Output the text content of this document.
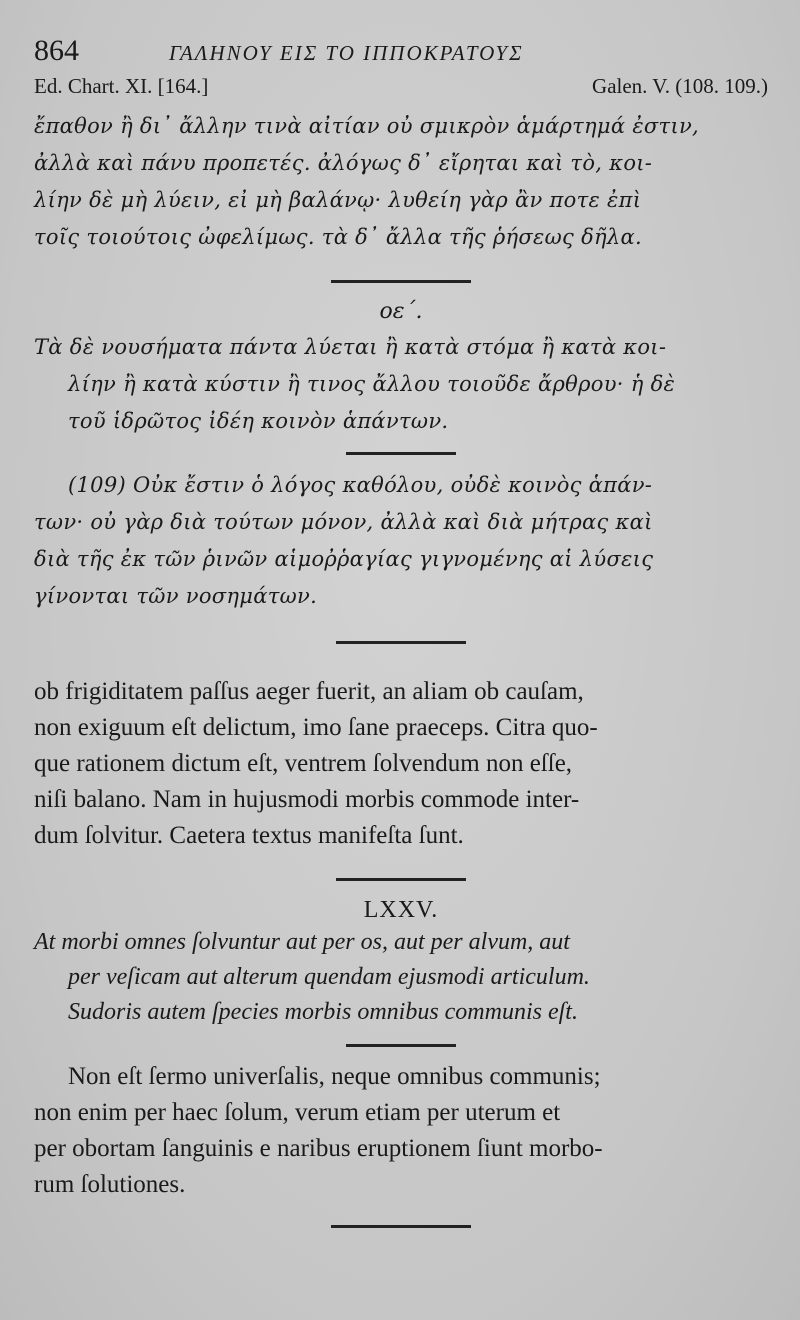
864	ΓΑΛΗΝΟΥ ΕΙΣ ΤΟ ΙΠΠΟΚΡΑΤΟΥΣ
Ed. Chart. XI. [164.]	Galen. V. (108. 109.)
ἔπαθον ἢ δι᾽ ἄλλην τινὰ αἰτίαν οὐ σμικρὸν ἁμάρτημά ἐστιν,
ἀλλὰ καὶ πάνυ προπετές. ἀλόγως δ᾽ εἴρηται καὶ τὸ, κοι-
λίην δὲ μὴ λύειν, εἰ μὴ βαλάνῳ· λυθείη γὰρ ἂν ποτε ἐπὶ
τοῖς τοιούτοις ὠφελίμως. τὰ δ᾽ ἄλλα τῆς ῥήσεως δῆλα.
οε΄.
Τὰ δὲ νουσήματα πάντα λύεται ἢ κατὰ στόμα ἢ κατὰ κοι-
λίην ἢ κατὰ κύστιν ἢ τινος ἄλλου τοιοῦδε ἄρθρου· ἡ δὲ
τοῦ ἱδρῶτος ἰδέη κοινὸν ἁπάντων.
(109) Οὐκ ἔστιν ὁ λόγος καθόλου, οὐδὲ κοινὸς ἁπάν-
των· οὐ γὰρ διὰ τούτων μόνον, ἀλλὰ καὶ διὰ μήτρας καὶ
διὰ τῆς ἐκ τῶν ῥινῶν αἱμοῤῥαγίας γιγνομένης αἱ λύσεις
γίνονται τῶν νοσημάτων.
ob frigiditatem paſſus aeger fuerit, an aliam ob cauſam,
non exiguum eſt delictum, imo ſane praeceps. Citra quo-
que rationem dictum eſt, ventrem ſolvendum non eſſe,
niſi balano. Nam in hujusmodi morbis commode inter-
dum ſolvitur. Caetera textus manifeſta ſunt.
LXXV.
At morbi omnes ſolvuntur aut per os, aut per alvum, aut
per veſicam aut alterum quendam ejusmodi articulum.
Sudoris autem ſpecies morbis omnibus communis eſt.
Non eſt ſermo univerſalis, neque omnibus communis;
non enim per haec ſolum, verum etiam per uterum et
per obortam ſanguinis e naribus eruptionem ſiunt morbo-
rum ſolutiones.
